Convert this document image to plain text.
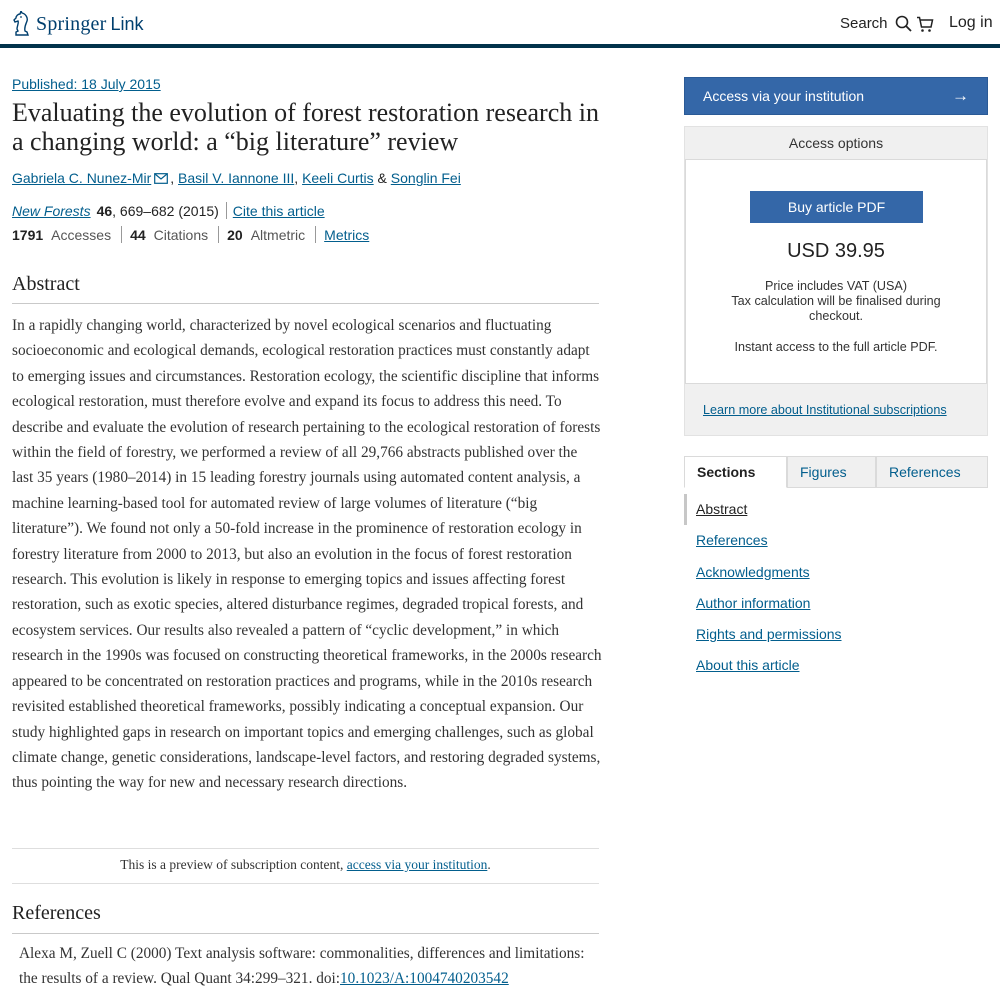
Springer Link	Search	Log in
Published: 18 July 2015
Evaluating the evolution of forest restoration research in a changing world: a “big literature” review
Gabriela C. Nunez-Mir ,
Basil V. Iannone III ,
Keeli Curtis
&
Songlin Fei
New Forests 46 , 669–682 (2015) Cite this article
1791 Accesses 44 Citations 20 Altmetric Metrics
Abstract

In a rapidly changing world, characterized by novel ecological scenarios and fluctuating socioeconomic and ecological demands, ecological restoration practices must constantly adapt to emerging issues and circumstances. Restoration ecology, the scientific discipline that informs ecological restoration, must therefore evolve and expand its focus to address this need. To describe and evaluate the evolution of research pertaining to the ecological restoration of forests within the field of forestry, we performed a review of all 29,766 abstracts published over the last 35 years (1980–2014) in 15 leading forestry journals using automated content analysis, a machine learning-based tool for automated review of large volumes of literature (“big literature”). We found not only a 50-fold increase in the prominence of restoration ecology in forestry literature from 2000 to 2013, but also an evolution in the focus of forest restoration research. This evolution is likely in response to emerging topics and issues affecting forest restoration, such as exotic species, altered disturbance regimes, degraded tropical forests, and ecosystem services. Our results also revealed a pattern of “cyclic development,” in which research in the 1990s was focused on constructing theoretical frameworks, in the 2000s research appeared to be concentrated on restoration practices and programs, while in the 2010s research revisited established theoretical frameworks, possibly indicating a conceptual expansion. Our study highlighted gaps in research on important topics and emerging challenges, such as global climate change, genetic considerations, landscape-level factors, and restoring degraded systems, thus pointing the way for new and necessary research directions.

This is a preview of subscription content, access via your institution.

References

Alexa M, Zuell C (2000) Text analysis software: commonalities, differences and limitations: the results of a review. Qual Quant 34:299–321. doi:10.1023/A:1004740203542

Access via your institution	→
Access options
Buy article PDF
USD 39.95
Price includes VAT (USA)
Tax calculation will be finalised during checkout.
Instant access to the full article PDF.
Learn more about Institutional subscriptions
Sections	Figures	References
Abstract
References
Acknowledgments
Author information
Rights and permissions
About this article
